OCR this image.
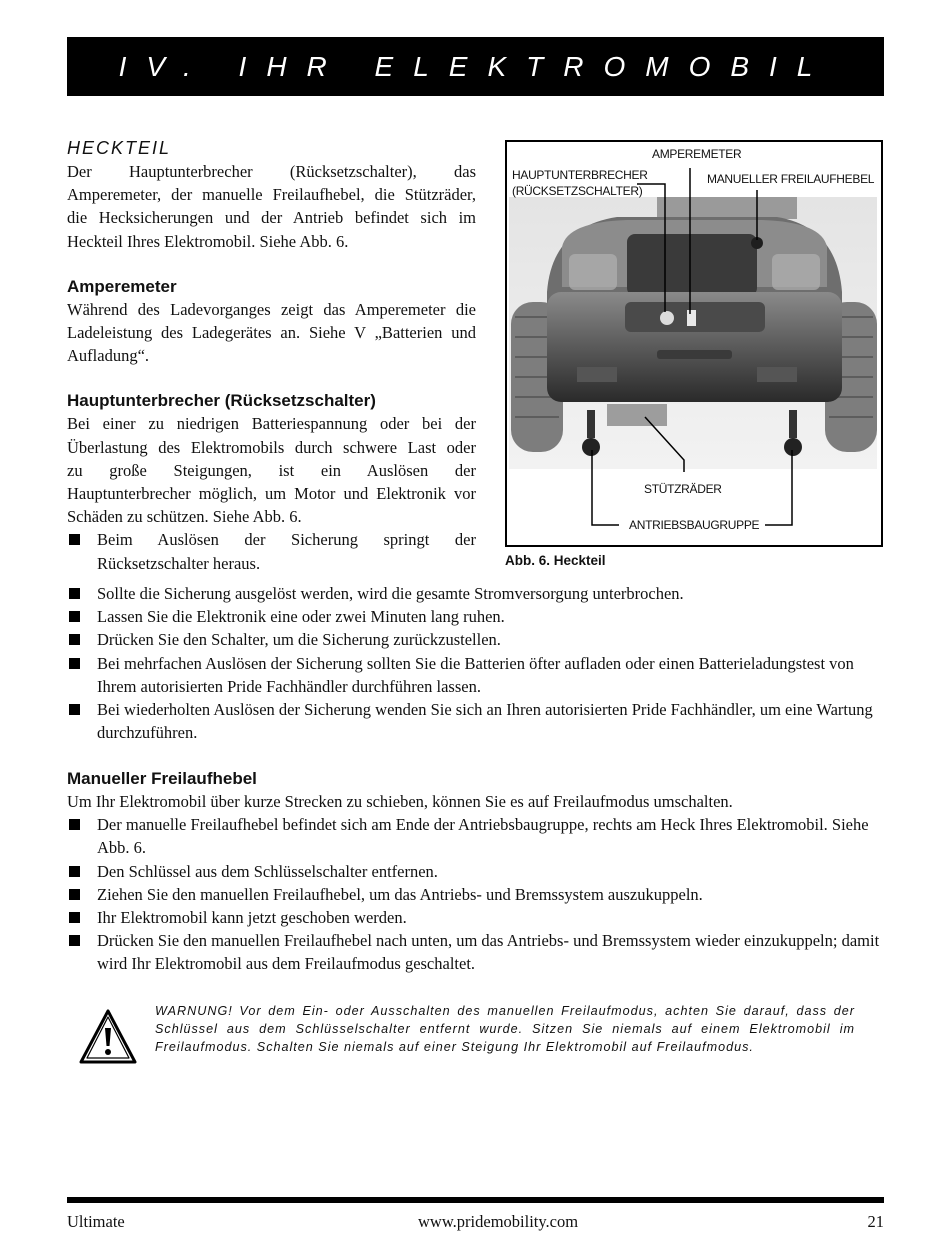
IV. IHR ELEKTROMOBIL
HECKTEIL

Der Hauptunterbrecher (Rücksetzschalter), das

Amperemeter, der manuelle Freilaufhebel, die Stützräder,

die Hecksicherungen und der Antrieb befindet sich im

Heckteil Ihres Elektromobil. Siehe Abb. 6.

Amperemeter

Während des Ladevorganges zeigt das Amperemeter die

Ladeleistung des Ladegerätes an. Siehe V „Batterien und

Aufladung“.

Hauptunterbrecher (Rücksetzschalter)

Bei einer zu niedrigen Batteriespannung oder bei der

Überlastung des Elektromobils durch schwere Last oder

zu große Steigungen, ist ein Auslösen der

Hauptunterbrecher möglich, um Motor und Elektronik vor

Schäden zu schützen. Siehe Abb. 6.

Beim Auslösen der Sicherung springt der

Rücksetzschalter heraus.

AMPEREMETER
HAUPTUNTERBRECHER
(RÜCKSETZSCHALTER)
MANUELLER FREILAUFHEBEL
STÜTZRÄDER
ANTRIEBSBAUGRUPPE
Abb. 6. Heckteil
Sollte die Sicherung ausgelöst werden, wird die gesamte Stromversorgung unterbrochen.
Lassen Sie die Elektronik eine oder zwei Minuten lang ruhen.
Drücken Sie den Schalter, um die Sicherung zurückzustellen.
Bei mehrfachen Auslösen der Sicherung sollten Sie die Batterien öfter aufladen oder einen Batterieladungstest von Ihrem autorisierten Pride Fachhändler durchführen lassen.
Bei wiederholten Auslösen der Sicherung wenden Sie sich an Ihren autorisierten Pride Fachhändler, um eine Wartung durchzuführen.
Manueller Freilaufhebel

Um Ihr Elektromobil über kurze Strecken zu schieben, können Sie es auf Freilaufmodus umschalten.

Der manuelle Freilaufhebel befindet sich am Ende der Antriebsbaugruppe, rechts am Heck Ihres Elektromobil. Siehe Abb. 6.
Den Schlüssel aus dem Schlüsselschalter entfernen.
Ziehen Sie den manuellen Freilaufhebel, um das Antriebs- und Bremssystem auszukuppeln.
Ihr Elektromobil kann jetzt geschoben werden.
Drücken Sie den manuellen Freilaufhebel nach unten, um das Antriebs- und Bremssystem wieder einzukuppeln; damit wird Ihr Elektromobil aus dem Freilaufmodus geschaltet.
WARNUNG! Vor dem Ein- oder Ausschalten des manuellen Freilaufmodus, achten Sie darauf, dass der Schlüssel aus dem Schlüsselschalter entfernt wurde. Sitzen Sie niemals auf einem Elektromobil im Freilaufmodus. Schalten Sie niemals auf einer Steigung Ihr Elektromobil auf Freilaufmodus.
Ultimate	www.pridemobility.com	21
